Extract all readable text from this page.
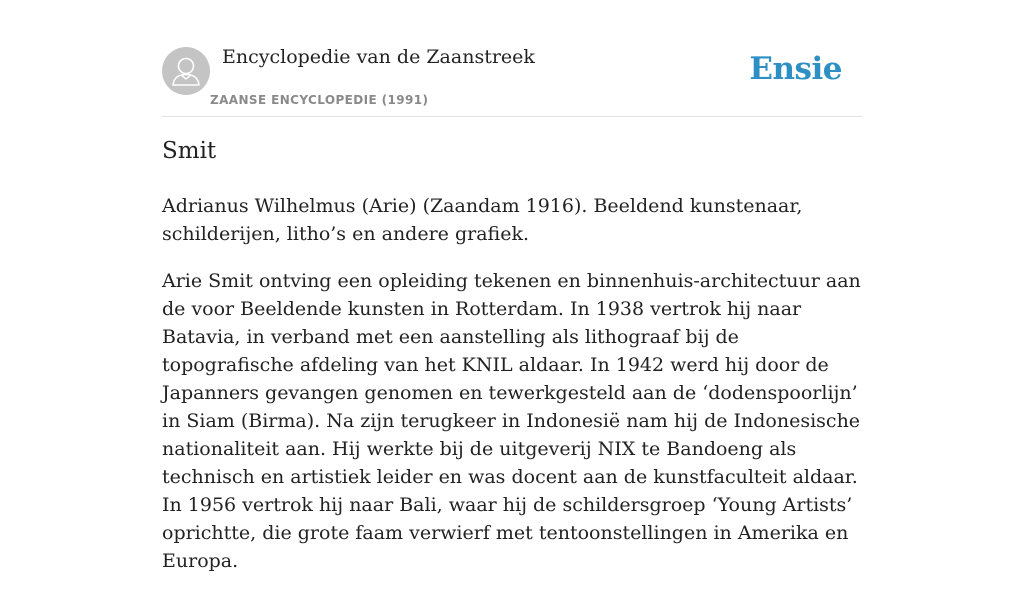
Encyclopedie van de Zaanstreek
ZAANSE ENCYCLOPEDIE (1991)
Ensie
Smit

Adrianus Wilhelmus (Arie) (Zaandam 1916). Beeldend kunstenaar, schilderijen, litho’s en andere grafiek.

Arie Smit ontving een opleiding tekenen en binnenhuis-architectuur aan de voor Beeldende kunsten in Rotterdam. In 1938 vertrok hij naar Batavia, in verband met een aanstelling als lithograaf bij de topografische afdeling van het KNIL aldaar. In 1942 werd hij door de Japanners gevangen genomen en tewerkgesteld aan de ‘dodenspoorlijn’ in Siam (Birma). Na zijn terugkeer in Indonesië nam hij de Indonesische nationaliteit aan. Hij werkte bij de uitgeverij NIX te Bandoeng als technisch en artistiek leider en was docent aan de kunstfaculteit aldaar. In 1956 vertrok hij naar Bali, waar hij de schildersgroep ‘Young Artists’ oprichtte, die grote faam verwierf met tentoonstellingen in Amerika en Europa.
